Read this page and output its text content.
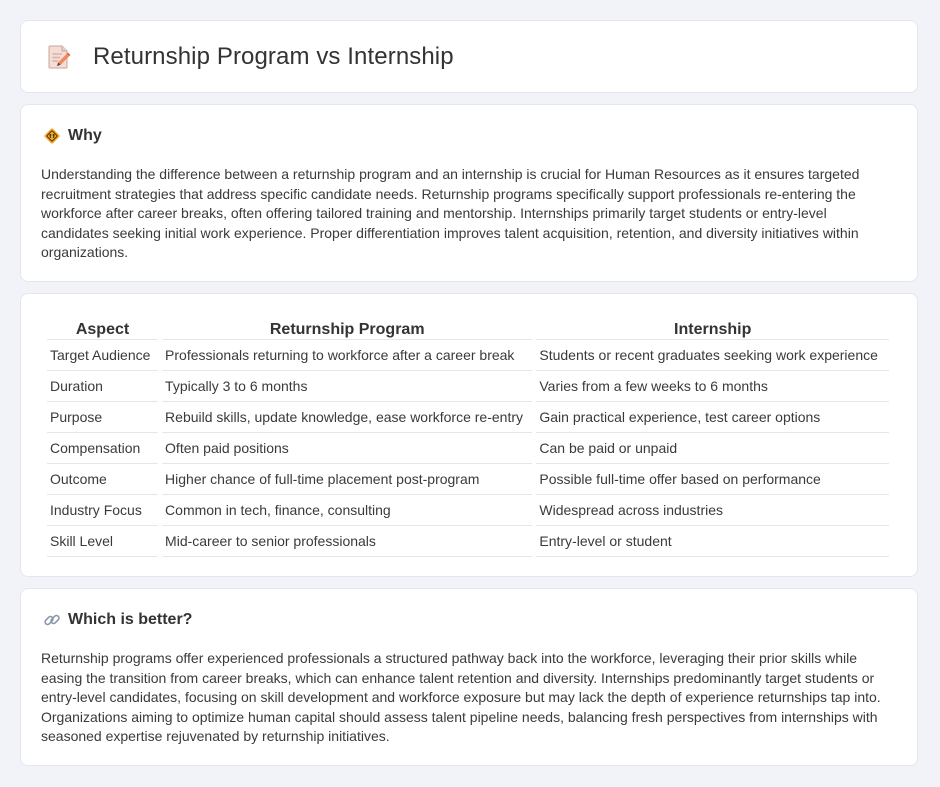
Returnship Program vs Internship
Why

Understanding the difference between a returnship program and an internship is crucial for Human Resources as it ensures targeted recruitment strategies that address specific candidate needs. Returnship programs specifically support professionals re-entering the workforce after career breaks, often offering tailored training and mentorship. Internships primarily target students or entry-level candidates seeking initial work experience. Proper differentiation improves talent acquisition, retention, and diversity initiatives within organizations.

Aspect	Returnship Program	Internship
Target Audience	Professionals returning to workforce after a career break	Students or recent graduates seeking work experience
Duration	Typically 3 to 6 months	Varies from a few weeks to 6 months
Purpose	Rebuild skills, update knowledge, ease workforce re-entry	Gain practical experience, test career options
Compensation	Often paid positions	Can be paid or unpaid
Outcome	Higher chance of full-time placement post-program	Possible full-time offer based on performance
Industry Focus	Common in tech, finance, consulting	Widespread across industries
Skill Level	Mid-career to senior professionals	Entry-level or student
Which is better?

Returnship programs offer experienced professionals a structured pathway back into the workforce, leveraging their prior skills while easing the transition from career breaks, which can enhance talent retention and diversity. Internships predominantly target students or entry-level candidates, focusing on skill development and workforce exposure but may lack the depth of experience returnships tap into. Organizations aiming to optimize human capital should assess talent pipeline needs, balancing fresh perspectives from internships with seasoned expertise rejuvenated by returnship initiatives.
